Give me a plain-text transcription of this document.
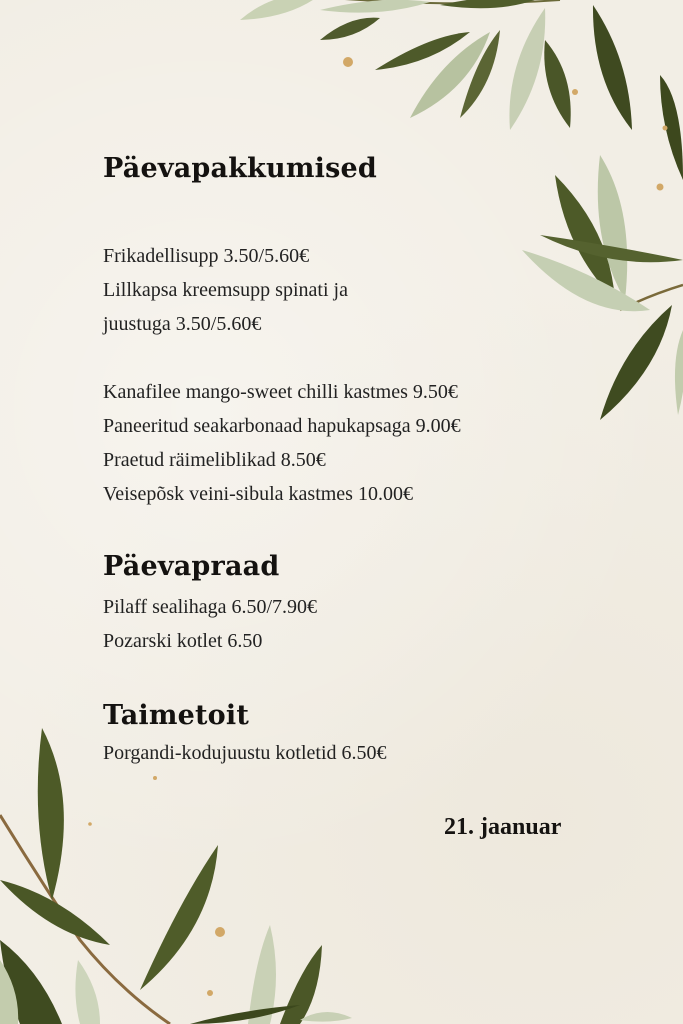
Päevapakkumised
Frikadellisupp 3.50/5.60€
Lillkapsa kreemsupp spinati ja
juustuga 3.50/5.60€
Kanafilee mango-sweet chilli kastmes 9.50€
Paneeritud seakarbonaad hapukapsaga 9.00€
Praetud räimeliblikad 8.50€
Veisepõsk veini-sibula kastmes 10.00€
Päevapraad
Pilaff sealihaga 6.50/7.90€
Pozarski kotlet 6.50
Taimetoit
Porgandi-kodujuustu kotletid 6.50€
21. jaanuar
